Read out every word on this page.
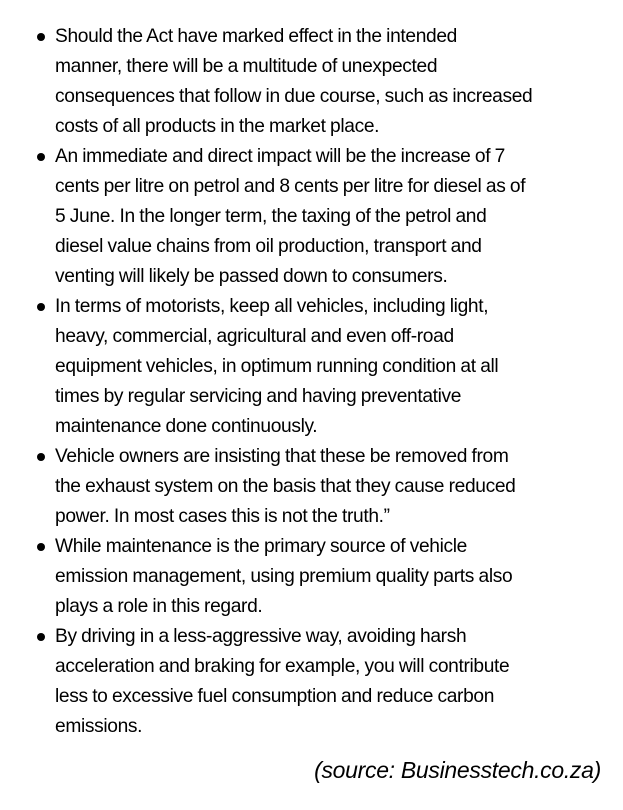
Should the Act have marked effect in the intended
manner, there will be a multitude of unexpected
consequences that follow in due course, such as increased
costs of all products in the market place.
An immediate and direct impact will be the increase of 7
cents per litre on petrol and 8 cents per litre for diesel as of
5 June. In the longer term, the taxing of the petrol and
diesel value chains from oil production, transport and
venting will likely be passed down to consumers.
In terms of motorists, keep all vehicles, including light,
heavy, commercial, agricultural and even off-road
equipment vehicles, in optimum running condition at all
times by regular servicing and having preventative
maintenance done continuously.
Vehicle owners are insisting that these be removed from
the exhaust system on the basis that they cause reduced
power. In most cases this is not the truth.”
While maintenance is the primary source of vehicle
emission management, using premium quality parts also
plays a role in this regard.
By driving in a less-aggressive way, avoiding harsh
acceleration and braking for example, you will contribute
less to excessive fuel consumption and reduce carbon
emissions.
(source: Businesstech.co.za)
